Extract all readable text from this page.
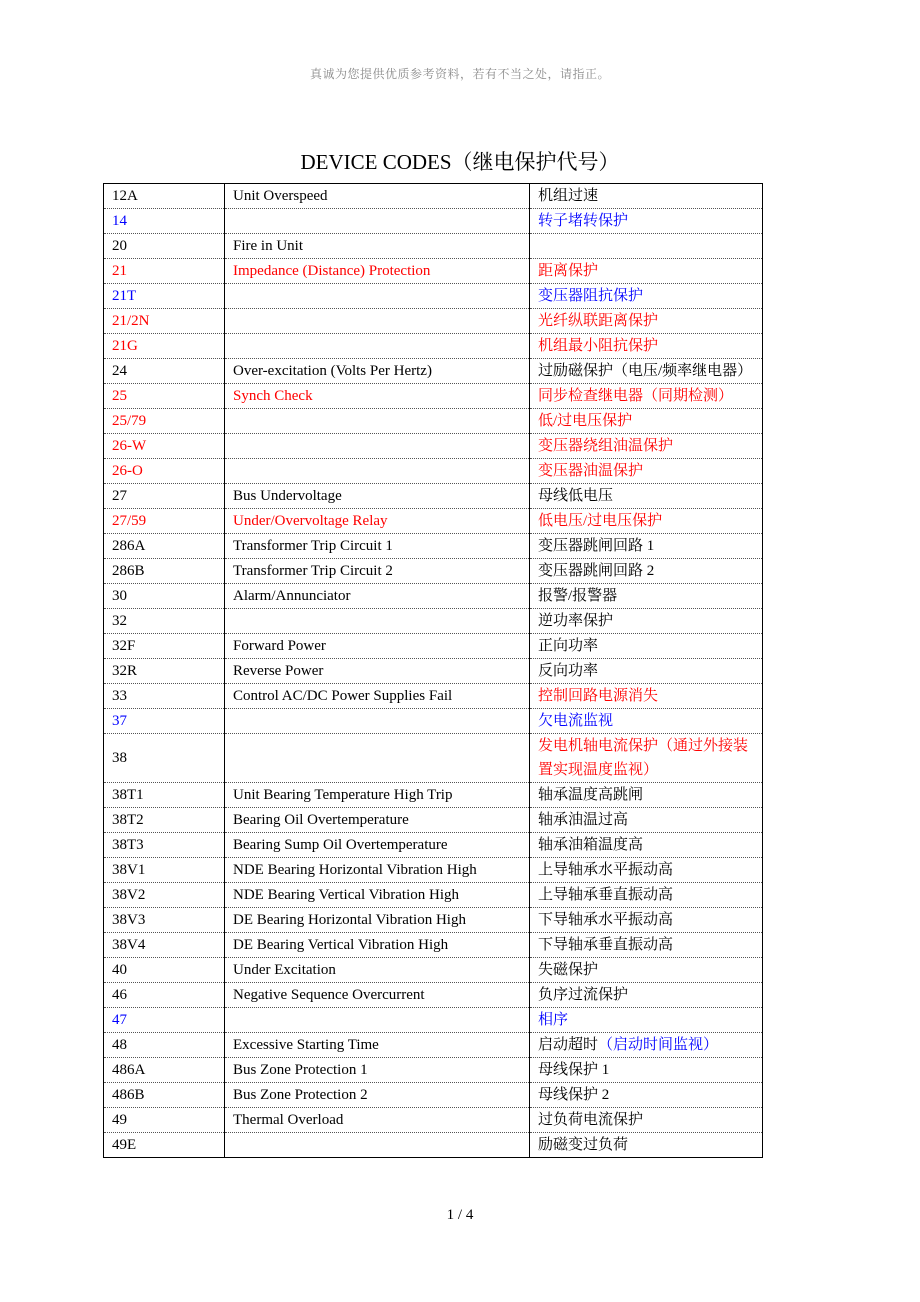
真诚为您提供优质参考资料，若有不当之处，请指正。
DEVICE CODES（继电保护代号）
12A	Unit Overspeed	机组过速
14		转子堵转保护
20	Fire in Unit	
21	Impedance (Distance) Protection	距离保护
21T		变压器阻抗保护
21/2N		光纤纵联距离保护
21G		机组最小阻抗保护
24	Over-excitation (Volts Per Hertz)	过励磁保护（电压/频率继电器）
25	Synch Check	同步检查继电器（同期检测）
25/79		低/过电压保护
26-W		变压器绕组油温保护
26-O		变压器油温保护
27	Bus Undervoltage	母线低电压
27/59	Under/Overvoltage Relay	低电压/过电压保护
286A	Transformer Trip Circuit 1	变压器跳闸回路 1
286B	Transformer Trip Circuit 2	变压器跳闸回路 2
30	Alarm/Annunciator	报警/报警器
32		逆功率保护
32F	Forward Power	正向功率
32R	Reverse Power	反向功率
33	Control AC/DC Power Supplies Fail	控制回路电源消失
37		欠电流监视
38		发电机轴电流保护（通过外接装置实现温度监视）
38T1	Unit Bearing Temperature High Trip	轴承温度高跳闸
38T2	Bearing Oil Overtemperature	轴承油温过高
38T3	Bearing Sump Oil Overtemperature	轴承油箱温度高
38V1	NDE Bearing Horizontal Vibration High	上导轴承水平振动高
38V2	NDE Bearing Vertical Vibration High	上导轴承垂直振动高
38V3	DE Bearing Horizontal Vibration High	下导轴承水平振动高
38V4	DE Bearing Vertical Vibration High	下导轴承垂直振动高
40	Under Excitation	失磁保护
46	Negative Sequence Overcurrent	负序过流保护
47		相序
48	Excessive Starting Time	启动超时（启动时间监视）
486A	Bus Zone Protection 1	母线保护 1
486B	Bus Zone Protection 2	母线保护 2
49	Thermal Overload	过负荷电流保护
49E		励磁变过负荷
1 / 4
